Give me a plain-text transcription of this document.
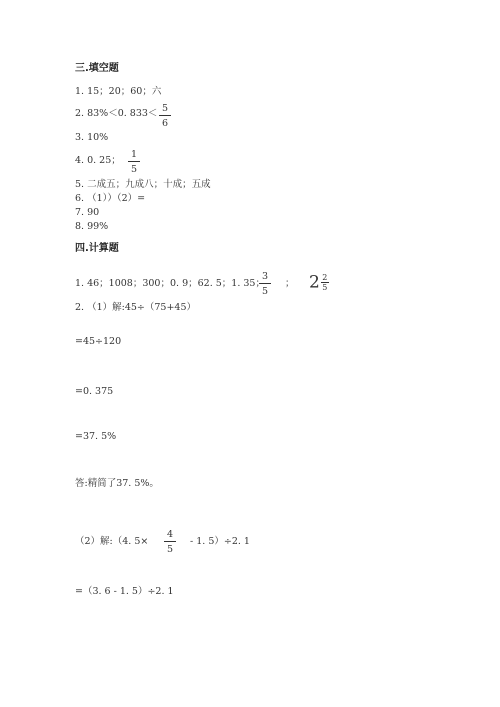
三.填空题
1. 15；20；60；六
2. 83%＜0. 833＜ 5
6
3. 10%
4. 0. 25；
1
5
5. 二成五；九成八；十成；五成
6. （1））（2）=
7. 90
8. 99%
四.计算题
1. 46；1008；300；0. 9；62. 5；1. 35；
3
5
； $2\frac{2}{5}$
2. （1）解:45÷（75+45）
=45÷120
=0. 375
=37. 5%
答:精简了37. 5%。
（2）解:（4. 5×
4
5
- 1. 5）÷2. 1
=（3. 6 - 1. 5）÷2. 1
